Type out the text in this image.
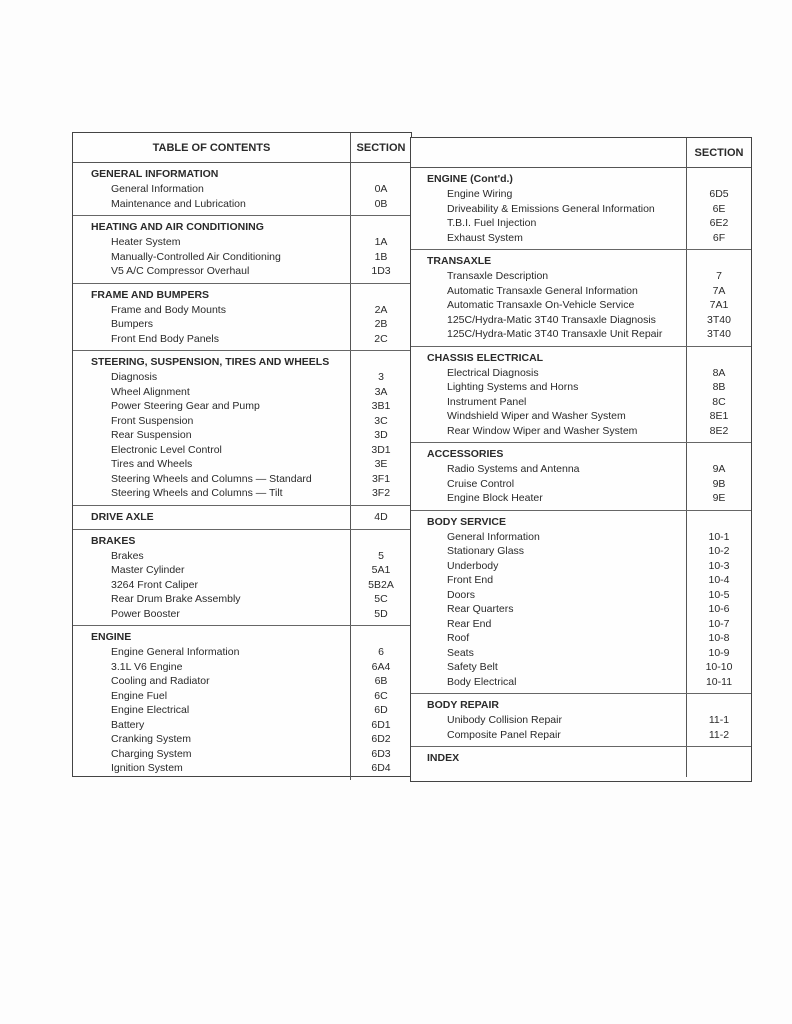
TABLE OF CONTENTS	SECTION
GENERAL INFORMATION
General Information
Maintenance and Lubrication
0A
0B
HEATING AND AIR CONDITIONING
Heater System
Manually-Controlled Air Conditioning
V5 A/C Compressor Overhaul
1A
1B
1D3
FRAME AND BUMPERS
Frame and Body Mounts
Bumpers
Front End Body Panels
2A
2B
2C
STEERING, SUSPENSION, TIRES AND WHEELS
Diagnosis
Wheel Alignment
Power Steering Gear and Pump
Front Suspension
Rear Suspension
Electronic Level Control
Tires and Wheels
Steering Wheels and Columns — Standard
Steering Wheels and Columns — Tilt
3
3A
3B1
3C
3D
3D1
3E
3F1
3F2
DRIVE AXLE	4D
BRAKES
Brakes
Master Cylinder
3264 Front Caliper
Rear Drum Brake Assembly
Power Booster
5
5A1
5B2A
5C
5D
ENGINE
Engine General Information
3.1L V6 Engine
Cooling and Radiator
Engine Fuel
Engine Electrical
Battery
Cranking System
Charging System
Ignition System
6
6A4
6B
6C
6D
6D1
6D2
6D3
6D4
SECTION
ENGINE (Cont'd.)
Engine Wiring
Driveability & Emissions General Information
T.B.I. Fuel Injection
Exhaust System
6D5
6E
6E2
6F
TRANSAXLE
Transaxle Description
Automatic Transaxle General Information
Automatic Transaxle On-Vehicle Service
125C/Hydra-Matic 3T40 Transaxle Diagnosis
125C/Hydra-Matic 3T40 Transaxle Unit Repair
7
7A
7A1
3T40
3T40
CHASSIS ELECTRICAL
Electrical Diagnosis
Lighting Systems and Horns
Instrument Panel
Windshield Wiper and Washer System
Rear Window Wiper and Washer System
8A
8B
8C
8E1
8E2
ACCESSORIES
Radio Systems and Antenna
Cruise Control
Engine Block Heater
9A
9B
9E
BODY SERVICE
General Information
Stationary Glass
Underbody
Front End
Doors
Rear Quarters
Rear End
Roof
Seats
Safety Belt
Body Electrical
10-1
10-2
10-3
10-4
10-5
10-6
10-7
10-8
10-9
10-10
10-11
BODY REPAIR
Unibody Collision Repair
Composite Panel Repair
11-1
11-2
INDEX
